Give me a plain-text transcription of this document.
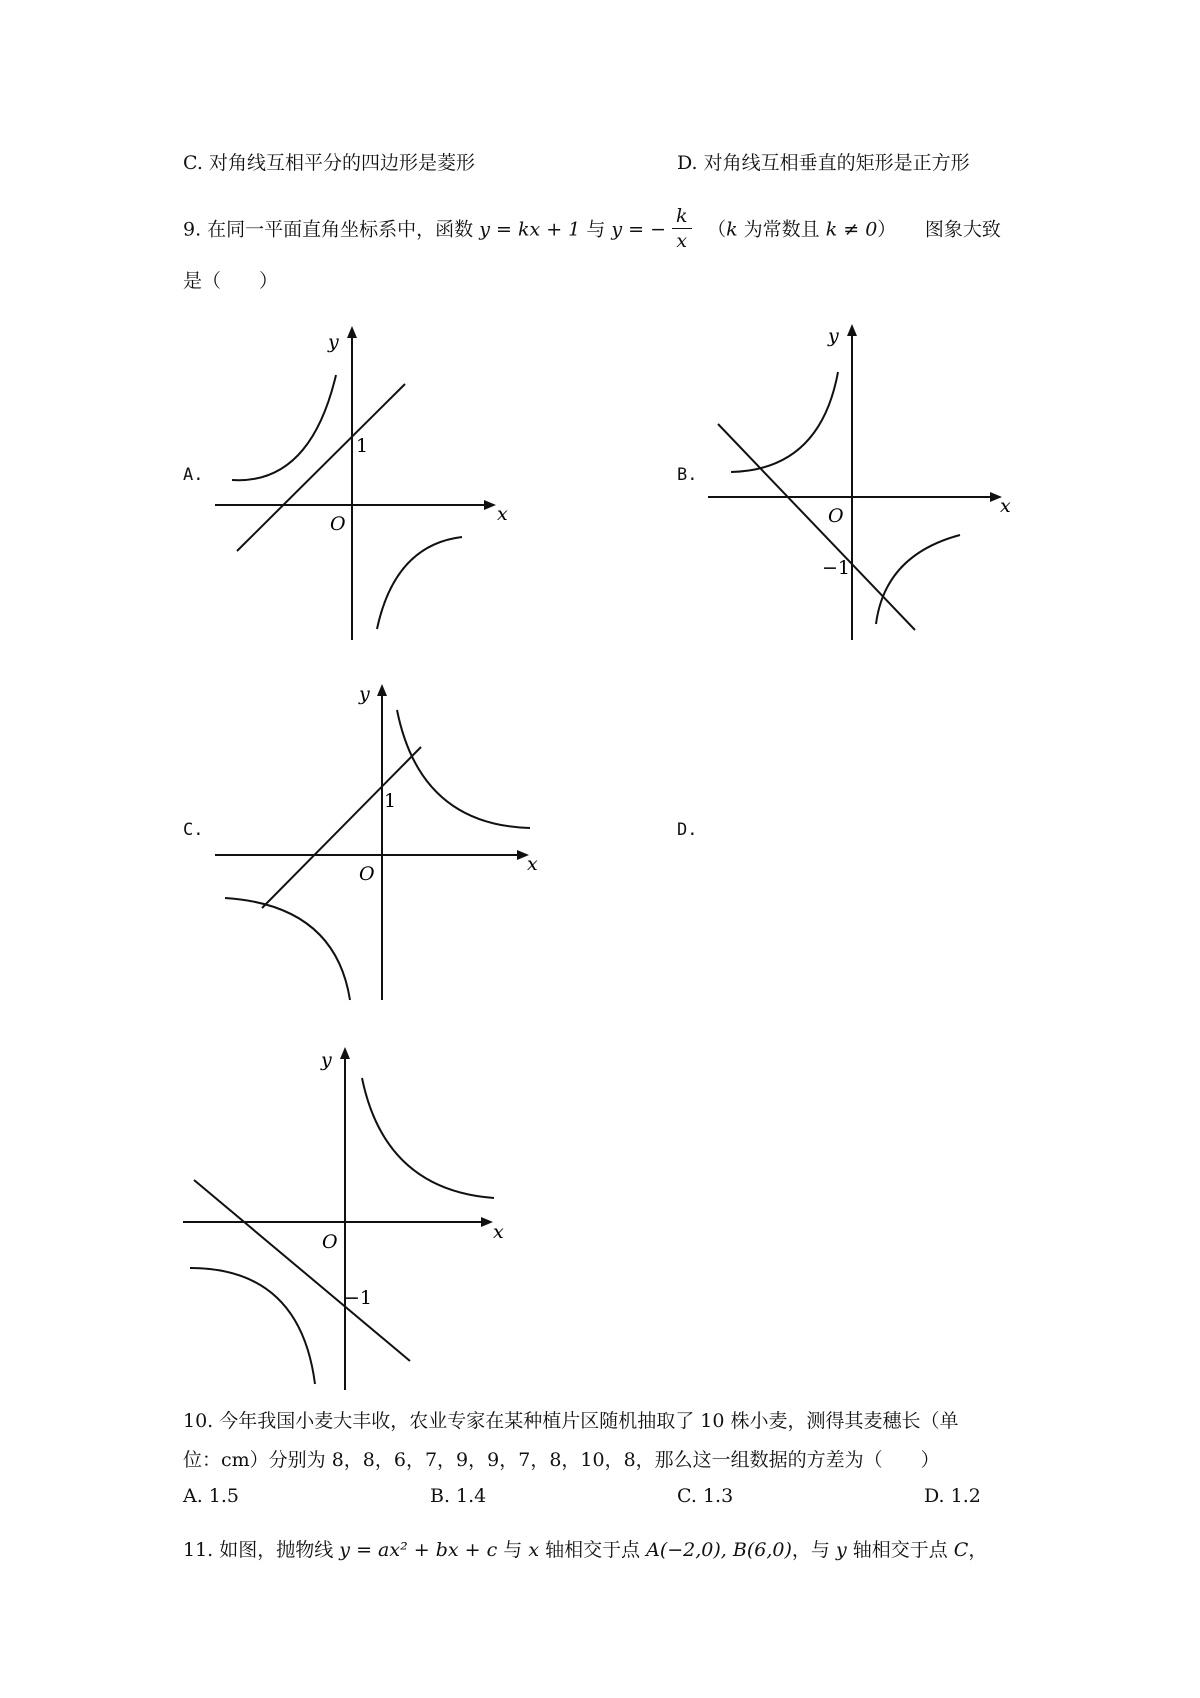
C. 对角线互相平分的四边形是菱形	D. 对角线互相垂直的矩形是正方形
9. 在同一平面直角坐标系中，函数 y = kx + 1 与 y = − $\frac{k}{x}$
　 （k 为常数且 k ≠ 0）　　 图象大致
是（　　）
A.	B.
C.	D.
y
x
O
1
y
x
O
−1
y
x
O
1
y
x
O
−1
10. 今年我国小麦大丰收，农业专家在某种植片区随机抽取了 10 株小麦，测得其麦穗长（单
位：cm）分别为 8，8，6，7，9，9，7，8，10，8，那么这一组数据的方差为（　　）
A. 1.5	B. 1.4	C. 1.3	D. 1.2
11. 如图，抛物线 y = ax² + bx + c 与 x 轴相交于点 A(−2,0), B(6,0)，与 y 轴相交于点 C，
